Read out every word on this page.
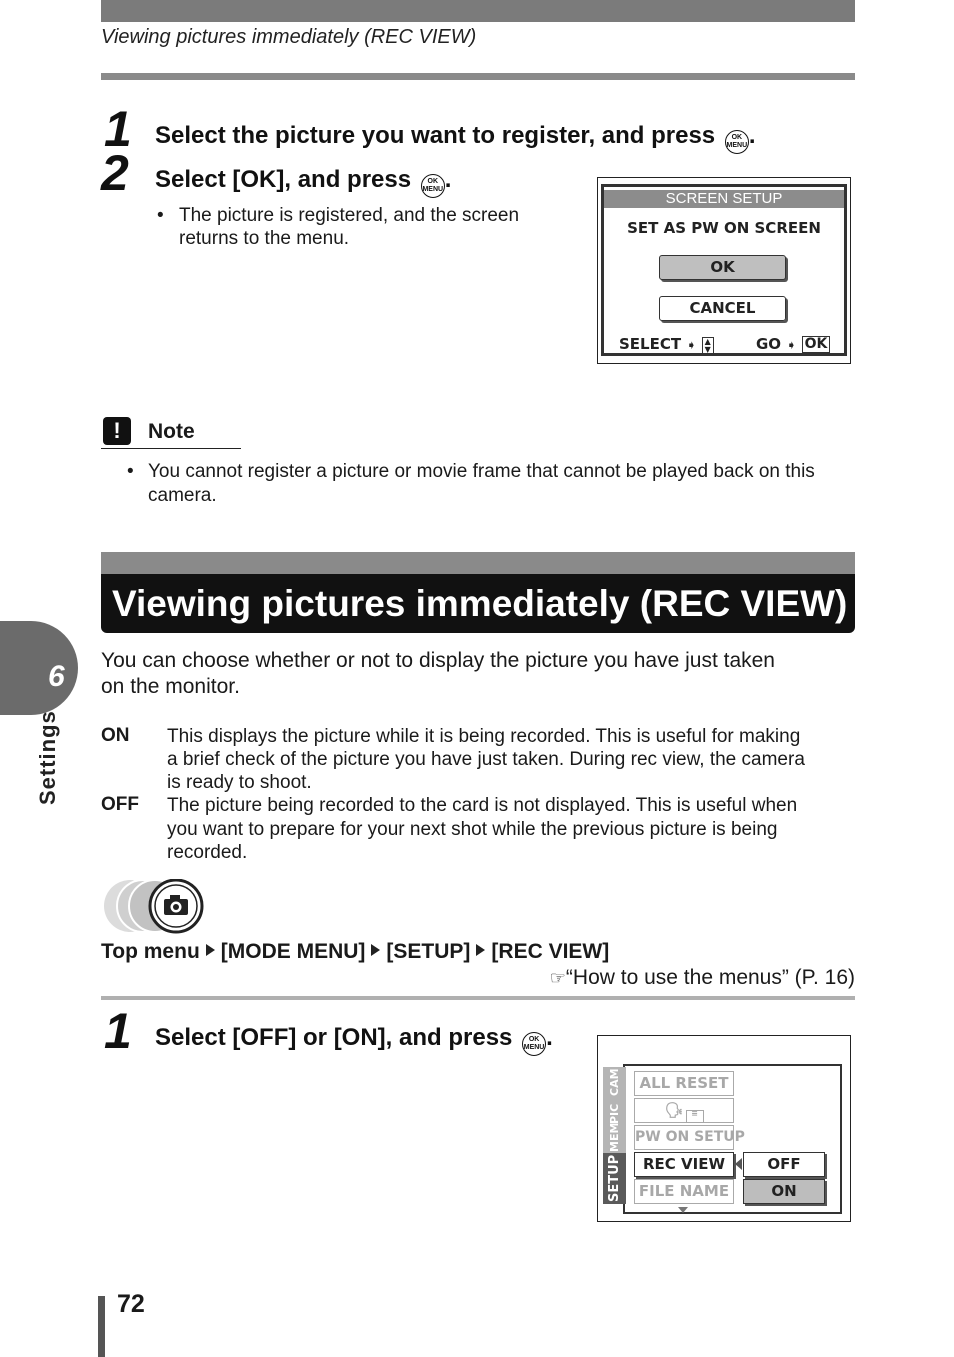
Viewing pictures immediately (REC VIEW)
1 Select the picture you want to register, and press	OK
MENU .
2 Select [OK], and press	OK
MENU .
• The picture is registered, and the screen
returns to the menu.
SCREEN SETUP
SET AS PW ON SCREEN
OK
CANCEL
SELECT ➧ ▲
▼	GO ➧ OK
!	Note
• You cannot register a picture or movie frame that cannot be played back on this
camera.
Viewing pictures immediately (REC VIEW)
6
Settings
You can choose whether or not to display the picture you have just taken
on the monitor.
ON This displays the picture while it is being recorded. This is useful for making
a brief check of the picture you have just taken. During rec view, the camera
is ready to shoot.
OFF The picture being recorded to the card is not displayed. This is useful when
you want to prepare for your next shot while the previous picture is being
recorded.
Top menu [MODE MENU] [SETUP] [REC VIEW]
☞“How to use the menus” (P. 16)
1 Select [OFF] or [ON], and press	OK
MENU .
CAM
PIC
MEM
SETUP
ALL RESET
🗣 ≡
PW ON SETUP
REC VIEW
FILE NAME
OFF
ON
72
